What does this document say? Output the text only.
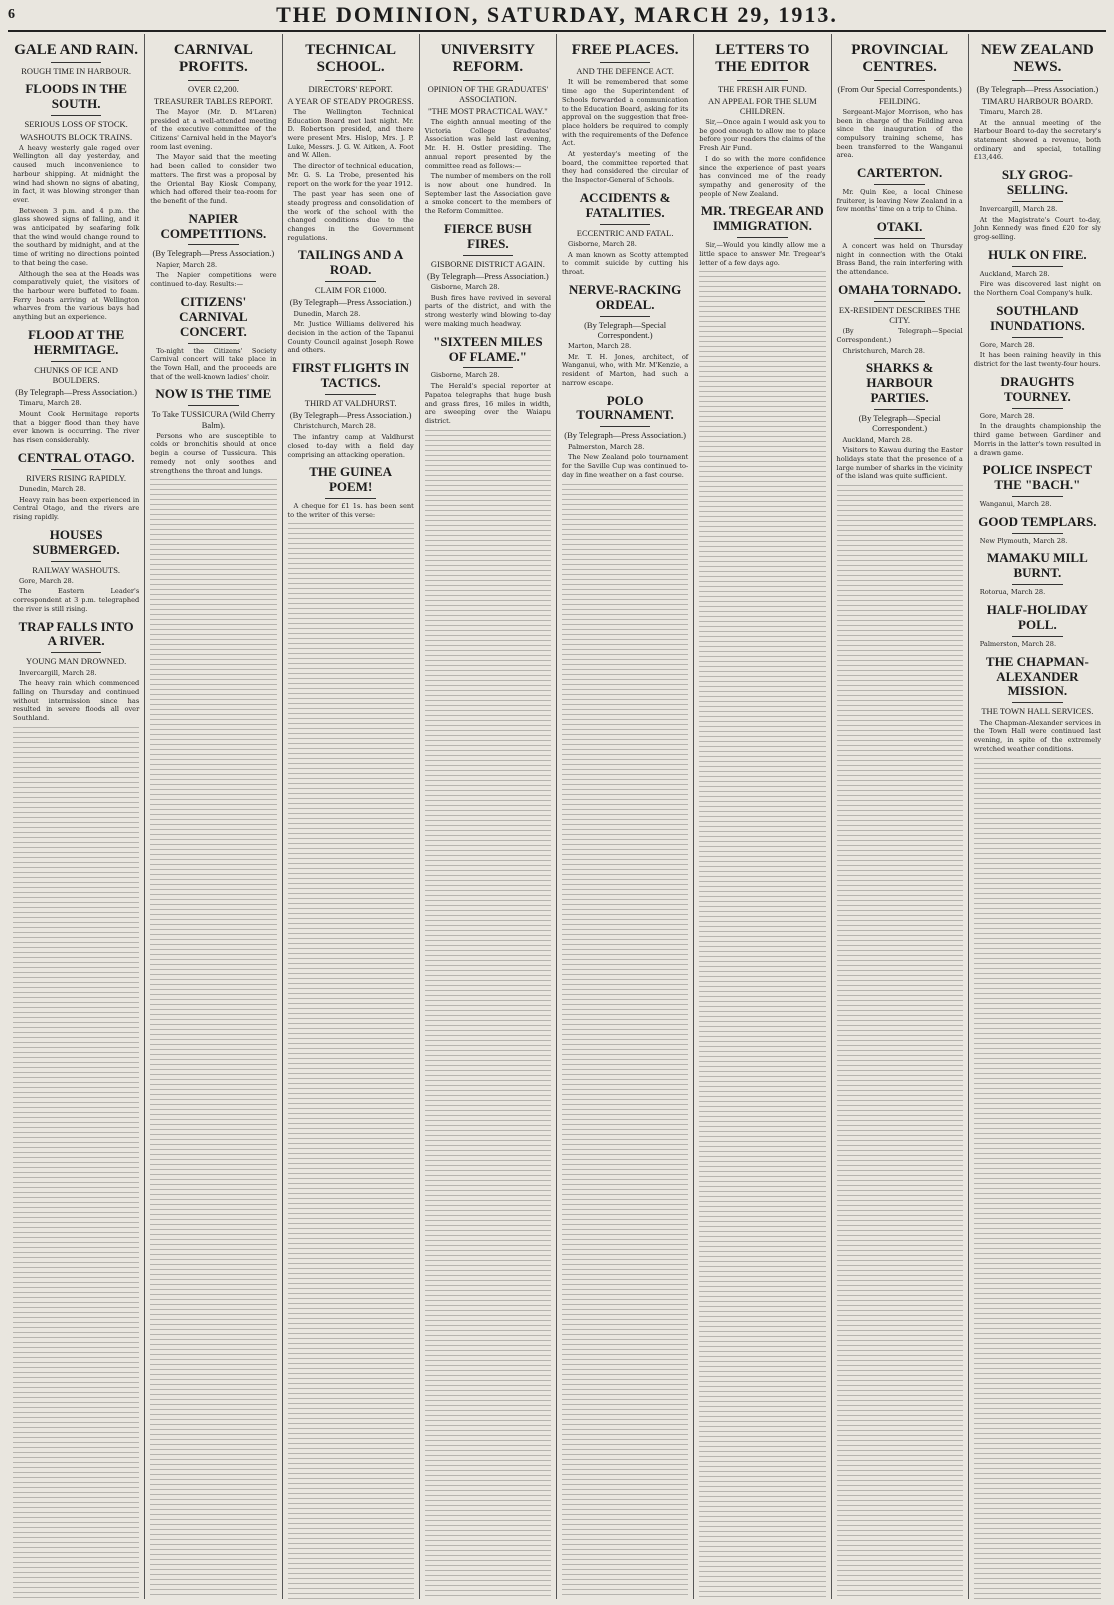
6	THE DOMINION, SATURDAY, MARCH 29, 1913.
GALE AND RAIN.
ROUGH TIME IN HARBOUR.
FLOODS IN THE SOUTH.
SERIOUS LOSS OF STOCK.
WASHOUTS BLOCK TRAINS.

A heavy westerly gale raged over Wellington all day yesterday, and caused much inconvenience to harbour shipping. At midnight the wind had shown no signs of abating, in fact, it was blowing stronger than ever.

Between 3 p.m. and 4 p.m. the glass showed signs of falling, and it was anticipated by seafaring folk that the wind would change round to the southard by midnight, and at the time of writing no directions pointed to that being the case.

Although the sea at the Heads was comparatively quiet, the visitors of the harbour were buffeted to foam. Ferry boats arriving at Wellington wharves from the various bays had anything but an experience.

FLOOD AT THE HERMITAGE.
CHUNKS OF ICE AND BOULDERS.
(By Telegraph—Press Association.)

Timaru, March 28.

Mount Cook Hermitage reports that a bigger flood than they have ever known is occurring. The river has risen considerably.

CENTRAL OTAGO.
RIVERS RISING RAPIDLY.

Dunedin, March 28.

Heavy rain has been experienced in Central Otago, and the rivers are rising rapidly.

HOUSES SUBMERGED.
RAILWAY WASHOUTS.

Gore, March 28.

The Eastern Leader's correspondent at 3 p.m. telegraphed the river is still rising.

TRAP FALLS INTO A RIVER.
YOUNG MAN DROWNED.

Invercargill, March 28.

The heavy rain which commenced falling on Thursday and continued without intermission since has resulted in severe floods all over Southland.

CARNIVAL PROFITS.
OVER £2,200.
TREASURER TABLES REPORT.

The Mayor (Mr. D. M'Laren) presided at a well-attended meeting of the executive committee of the Citizens' Carnival held in the Mayor's room last evening.

The Mayor said that the meeting had been called to consider two matters. The first was a proposal by the Oriental Bay Kiosk Company, which had offered their tea-room for the benefit of the fund.

NAPIER COMPETITIONS.
(By Telegraph—Press Association.)

Napier, March 28.

The Napier competitions were continued to-day. Results:—

CITIZENS' CARNIVAL CONCERT.

To-night the Citizens' Society Carnival concert will take place in the Town Hall, and the proceeds are that of the well-known ladies' choir.

NOW IS THE TIME
To Take TUSSICURA (Wild Cherry Balm).

Persons who are susceptible to colds or bronchitis should at once begin a course of Tussicura. This remedy not only soothes and strengthens the throat and lungs.

TECHNICAL SCHOOL.
DIRECTORS' REPORT.
A YEAR OF STEADY PROGRESS.

The Wellington Technical Education Board met last night. Mr. D. Robertson presided, and there were present Mrs. Hislop, Mrs. J. P. Luke, Messrs. J. G. W. Aitken, A. Foot and W. Allen.

The director of technical education, Mr. G. S. La Trobe, presented his report on the work for the year 1912.

The past year has seen one of steady progress and consolidation of the work of the school with the changed conditions due to the changes in the Government regulations.

TAILINGS AND A ROAD.
CLAIM FOR £1000.
(By Telegraph—Press Association.)

Dunedin, March 28.

Mr. Justice Williams delivered his decision in the action of the Tapanui County Council against Joseph Rowe and others.

FIRST FLIGHTS IN TACTICS.
THIRD AT VALDHURST.
(By Telegraph—Press Association.)

Christchurch, March 28.

The infantry camp at Valdhurst closed to-day with a field day comprising an attacking operation.

THE GUINEA POEM!

A cheque for £1 1s. has been sent to the writer of this verse:

UNIVERSITY REFORM.
OPINION OF THE GRADUATES' ASSOCIATION.
"THE MOST PRACTICAL WAY."

The eighth annual meeting of the Victoria College Graduates' Association was held last evening, Mr. H. H. Ostler presiding. The annual report presented by the committee read as follows:—

The number of members on the roll is now about one hundred. In September last the Association gave a smoke concert to the members of the Reform Committee.

FIERCE BUSH FIRES.
GISBORNE DISTRICT AGAIN.
(By Telegraph—Press Association.)

Gisborne, March 28.

Bush fires have revived in several parts of the district, and with the strong westerly wind blowing to-day were making much headway.

"SIXTEEN MILES OF FLAME."

Gisborne, March 28.

The Herald's special reporter at Papatoa telegraphs that huge bush and grass fires, 16 miles in width, are sweeping over the Waiapu district.

FREE PLACES.
AND THE DEFENCE ACT.

It will be remembered that some time ago the Superintendent of Schools forwarded a communication to the Education Board, asking for its approval on the suggestion that free-place holders be required to comply with the requirements of the Defence Act.

At yesterday's meeting of the board, the committee reported that they had considered the circular of the Inspector-General of Schools.

ACCIDENTS & FATALITIES.
ECCENTRIC AND FATAL.

Gisborne, March 28.

A man known as Scotty attempted to commit suicide by cutting his throat.

NERVE-RACKING ORDEAL.
(By Telegraph—Special Correspondent.)

Marton, March 28.

Mr. T. H. Jones, architect, of Wanganui, who, with Mr. M'Kenzie, a resident of Marton, had such a narrow escape.

POLO TOURNAMENT.
(By Telegraph—Press Association.)

Palmerston, March 28.

The New Zealand polo tournament for the Saville Cup was continued to-day in fine weather on a fast course.

LETTERS TO THE EDITOR
THE FRESH AIR FUND.
AN APPEAL FOR THE SLUM CHILDREN.

Sir,—Once again I would ask you to be good enough to allow me to place before your readers the claims of the Fresh Air Fund.

I do so with the more confidence since the experience of past years has convinced me of the ready sympathy and generosity of the people of New Zealand.

MR. TREGEAR AND IMMIGRATION.

Sir,—Would you kindly allow me a little space to answer Mr. Tregear's letter of a few days ago.

PROVINCIAL CENTRES.
(From Our Special Correspondents.)
FEILDING.

Sergeant-Major Morrison, who has been in charge of the Feilding area since the inauguration of the compulsory training scheme, has been transferred to the Wanganui area.

CARTERTON.

Mr. Quin Kee, a local Chinese fruiterer, is leaving New Zealand in a few months' time on a trip to China.

OTAKI.

A concert was held on Thursday night in connection with the Otaki Brass Band, the rain interfering with the attendance.

OMAHA TORNADO.
EX-RESIDENT DESCRIBES THE CITY.

(By Telegraph—Special Correspondent.)

Christchurch, March 28.

SHARKS & HARBOUR PARTIES.
(By Telegraph—Special Correspondent.)

Auckland, March 28.

Visitors to Kawau during the Easter holidays state that the presence of a large number of sharks in the vicinity of the island was quite sufficient.

NEW ZEALAND NEWS.
(By Telegraph—Press Association.)
TIMARU HARBOUR BOARD.

Timaru, March 28.

At the annual meeting of the Harbour Board to-day the secretary's statement showed a revenue, both ordinary and special, totalling £13,446.

SLY GROG-SELLING.

Invercargill, March 28.

At the Magistrate's Court to-day, John Kennedy was fined £20 for sly grog-selling.

HULK ON FIRE.

Auckland, March 28.

Fire was discovered last night on the Northern Coal Company's hulk.

SOUTHLAND INUNDATIONS.

Gore, March 28.

It has been raining heavily in this district for the last twenty-four hours.

DRAUGHTS TOURNEY.

Gore, March 28.

In the draughts championship the third game between Gardiner and Morris in the latter's town resulted in a drawn game.

POLICE INSPECT THE "BACH."

Wanganui, March 28.

GOOD TEMPLARS.

New Plymouth, March 28.

MAMAKU MILL BURNT.

Rotorua, March 28.

HALF-HOLIDAY POLL.

Palmerston, March 28.

THE CHAPMAN-ALEXANDER MISSION.
THE TOWN HALL SERVICES.

The Chapman-Alexander services in the Town Hall were continued last evening, in spite of the extremely wretched weather conditions.
